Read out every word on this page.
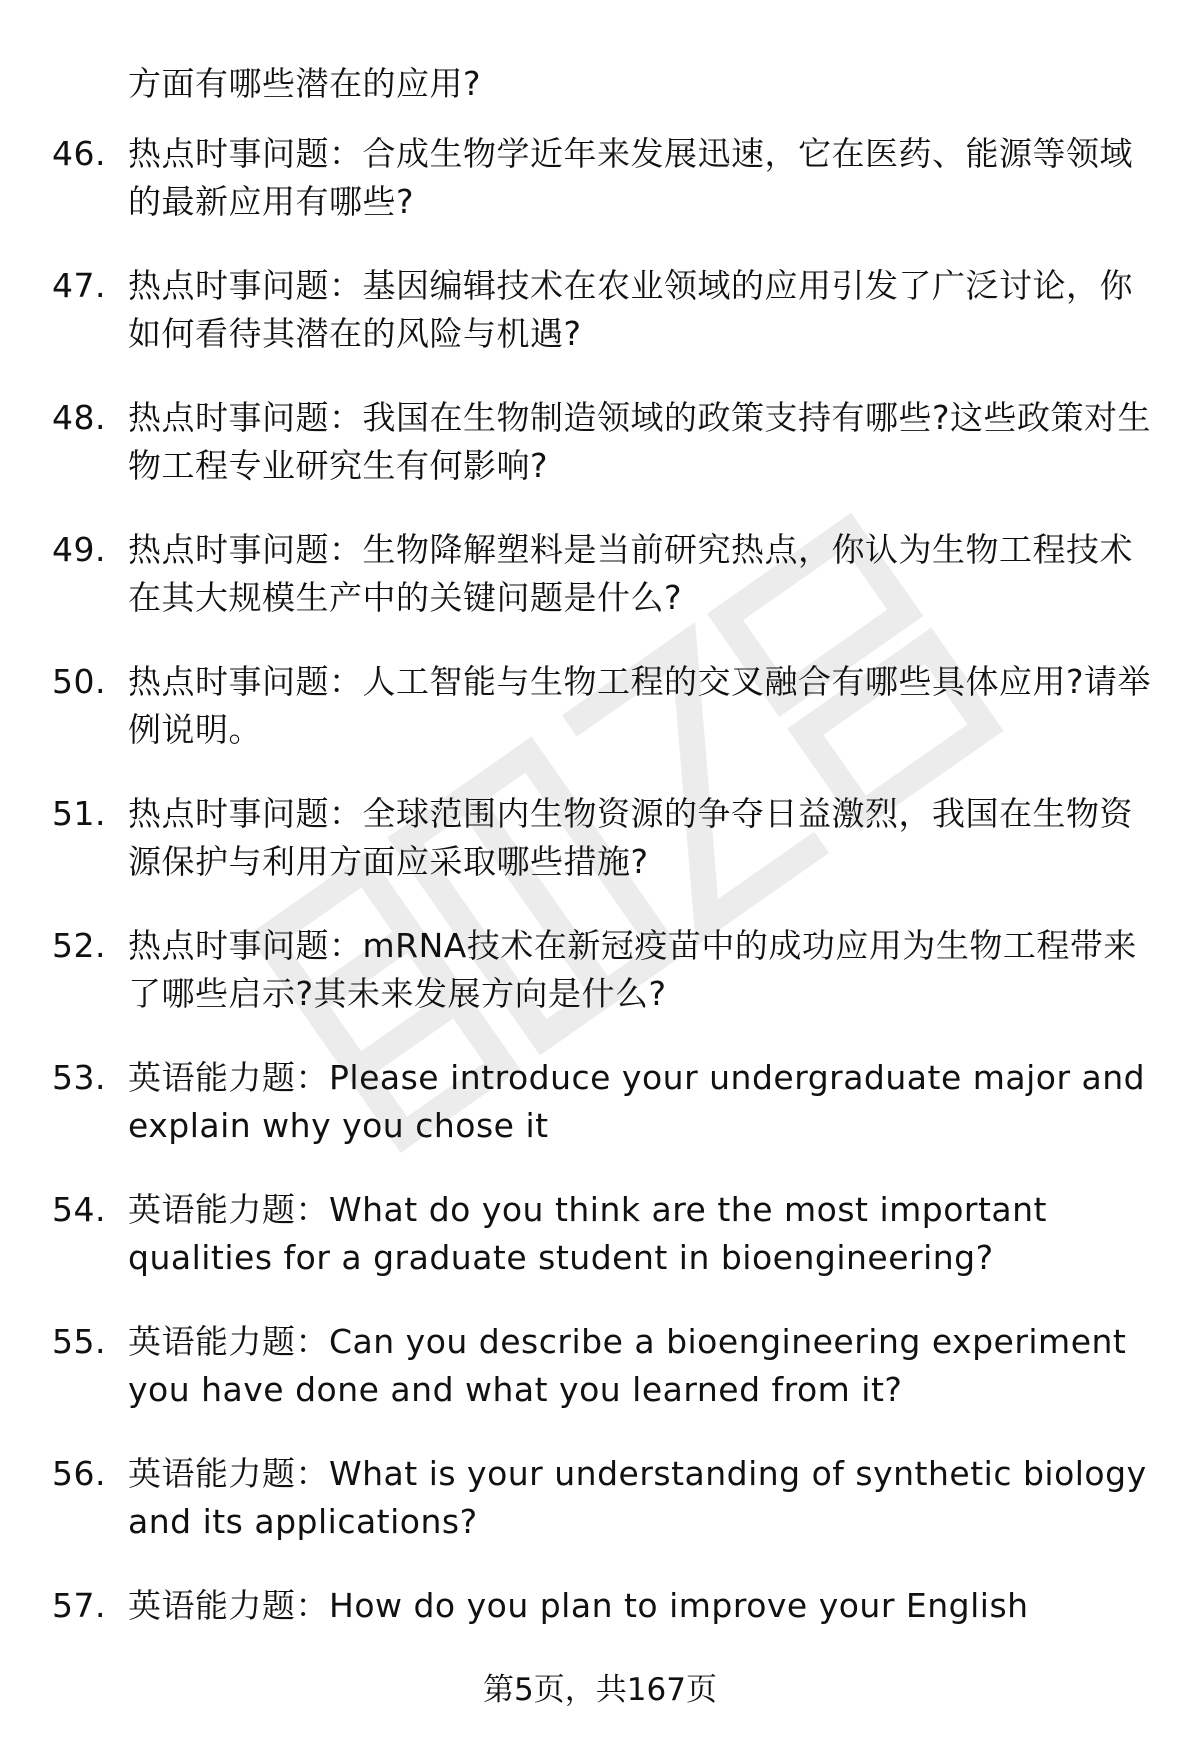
方面有哪些潜在的应用?

46. 热点时事问题：合成生物学近年来发展迅速，它在医药、能源等领域的最新应用有哪些?
47. 热点时事问题：基因编辑技术在农业领域的应用引发了广泛讨论，你如何看待其潜在的风险与机遇?
48. 热点时事问题：我国在生物制造领域的政策支持有哪些?这些政策对生物工程专业研究生有何影响?
49. 热点时事问题：生物降解塑料是当前研究热点，你认为生物工程技术在其大规模生产中的关键问题是什么?
50. 热点时事问题：人工智能与生物工程的交叉融合有哪些具体应用?请举例说明。
51. 热点时事问题：全球范围内生物资源的争夺日益激烈，我国在生物资源保护与利用方面应采取哪些措施?
52. 热点时事问题：mRNA技术在新冠疫苗中的成功应用为生物工程带来了哪些启示?其未来发展方向是什么?
53. 英语能力题：Please introduce your undergraduate major and explain why you chose it
54. 英语能力题：What do you think are the most important qualities for a graduate student in bioengineering?
55. 英语能力题：Can you describe a bioengineering experiment you have done and what you learned from it?
56. 英语能力题：What is your understanding of synthetic biology and its applications?
57. 英语能力题：How do you plan to improve your English
第5页，共167页
